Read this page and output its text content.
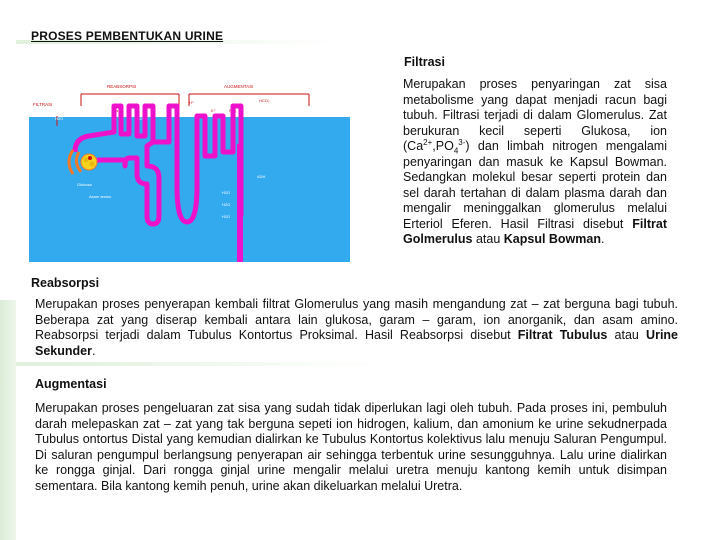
PROSES PEMBENTUKAN URINE
Filtrasi

Merupakan proses penyaringan zat sisa metabolisme yang dapat menjadi racun bagi tubuh. Filtrasi terjadi di dalam Glomerulus. Zat berukuran kecil seperti Glukosa, ion $(Ca^{2+},PO_4^{3-})$ dan limbah nitrogen mengalami penyaringan dan masuk ke Kapsul Bowman. Sedangkan molekul besar seperti protein dan sel darah tertahan di dalam plasma darah dan mengalir meninggalkan glomerulus melalui Erteriol Eferen. Hasil Filtrasi disebut Filtrat Golmerulus atau Kapsul Bowman.

REABSORPSI	AUGMENTASI
FILTRASI
Na⁺
H2O	H2O
H⁺
K⁺	NH₃
HCO₃
ADH
H2O
H2O
H2O
Glukosa
Asam amino
Reabsorpsi

Merupakan proses penyerapan kembali filtrat Glomerulus yang masih mengandung zat – zat berguna bagi tubuh. Beberapa zat yang diserap kembali antara lain glukosa, garam – garam, ion anorganik, dan asam amino. Reabsorpsi terjadi dalam Tubulus Kontortus Proksimal. Hasil Reabsorpsi disebut Filtrat Tubulus atau Urine Sekunder.

Augmentasi

Merupakan proses pengeluaran zat sisa yang sudah tidak diperlukan lagi oleh tubuh. Pada proses ini, pembuluh darah melepaskan zat – zat yang tak berguna sepeti ion hidrogen, kalium, dan amonium ke urine sekudnerpada Tubulus ontortus Distal yang kemudian dialirkan ke Tubulus Kontortus kolektivus lalu menuju Saluran Pengumpul. Di saluran pengumpul berlangsung penyerapan air sehingga terbentuk urine sesungguhnya. Lalu urine dialirkan ke rongga ginjal. Dari rongga ginjal urine mengalir melalui uretra menuju kantong kemih untuk disimpan sementara. Bila kantong kemih penuh, urine akan dikeluarkan melalui Uretra.
